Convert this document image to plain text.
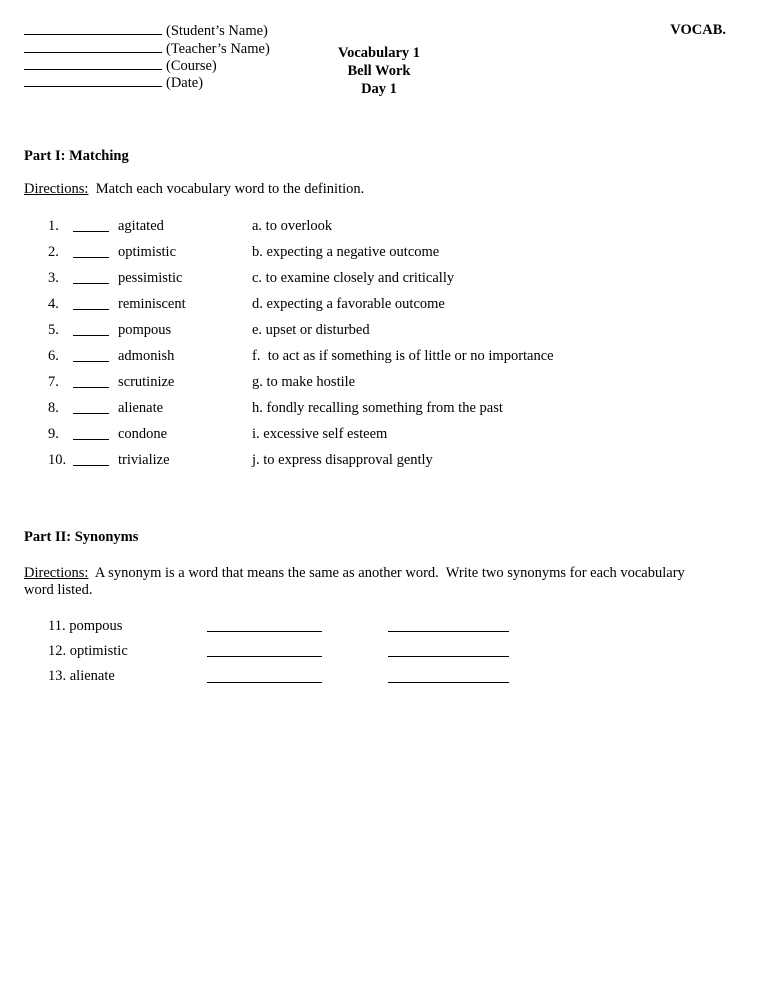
(Student’s Name)
(Teacher’s Name)
(Course)
(Date)
Vocabulary 1
Bell Work
Day 1
VOCAB.
Part I: Matching
Directions:  Match each vocabulary word to the definition.
1.	agitated	a. to overlook
2.	optimistic	b. expecting a negative outcome
3.	pessimistic	c. to examine closely and critically
4.	reminiscent	d. expecting a favorable outcome
5.	pompous	e. upset or disturbed
6.	admonish	f.  to act as if something is of little or no importance
7.	scrutinize	g. to make hostile
8.	alienate	h. fondly recalling something from the past
9.	condone	i. excessive self esteem
10.	trivialize	j. to express disapproval gently
Part II: Synonyms
Directions:  A synonym is a word that means the same as another word.  Write two synonyms for each vocabulary
word listed.
11. pompous
12. optimistic
13. alienate
